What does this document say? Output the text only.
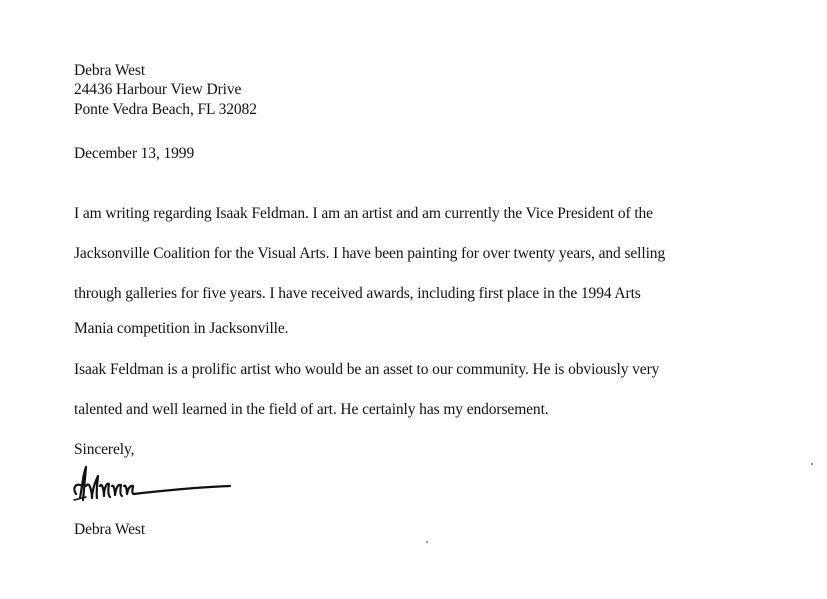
Debra West

24436 Harbour View Drive

Ponte Vedra Beach, FL 32082

December 13, 1999

I am writing regarding Isaak Feldman. I am an artist and am currently the Vice President of the

Jacksonville Coalition for the Visual Arts. I have been painting for over twenty years, and selling

through galleries for five years. I have received awards, including first place in the 1994 Arts

Mania competition in Jacksonville.

Isaak Feldman is a prolific artist who would be an asset to our community. He is obviously very

talented and well learned in the field of art. He certainly has my endorsement.

Sincerely,

Debra West
